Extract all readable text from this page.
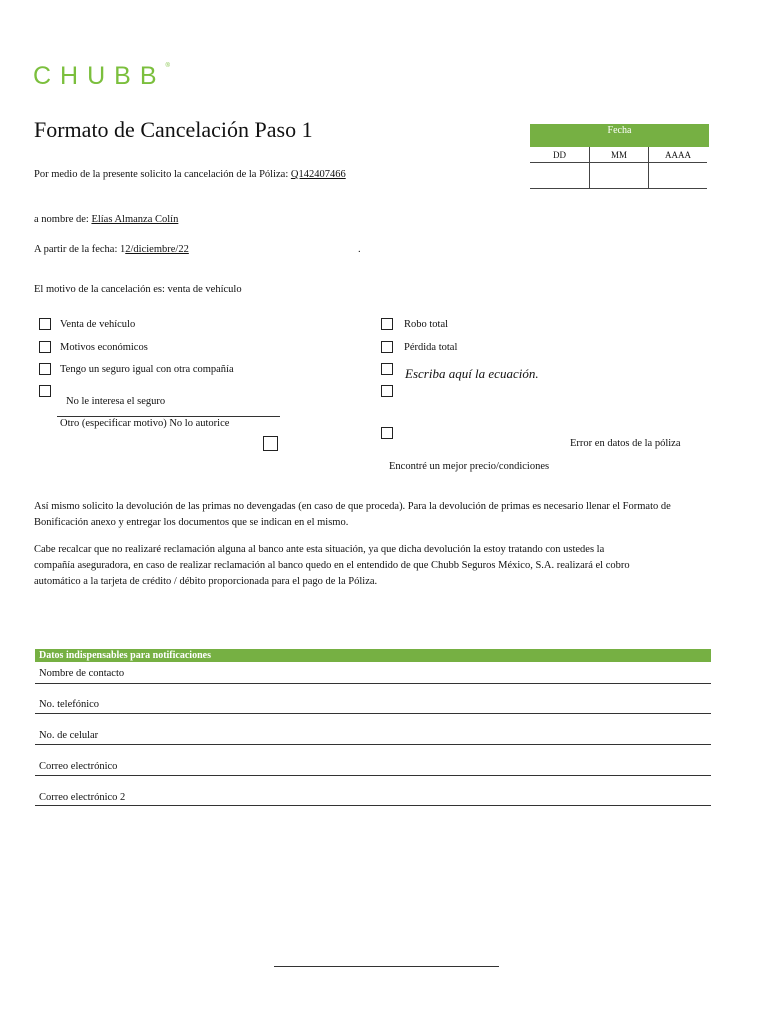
CHUBB®
Formato de Cancelación Paso 1	Fecha
DD	MM	AAAA
Por medio de la presente solicito la cancelación de la Póliza: Q142407466
a nombre de: Elías Almanza Colín
A partir de la fecha: 12/diciembre/22	.
El motivo de la cancelación es: venta de vehículo
Venta de vehículo
Motivos económicos
Tengo un seguro igual con otra compañía
No le interesa el seguro
Otro (especificar motivo) No lo autorice
Robo total
Pérdida total
Escriba aquí la ecuación.
Error en datos de la póliza
Encontré un mejor precio/condiciones
Así mismo solicito la devolución de las primas no devengadas (en caso de que proceda). Para la devolución de primas es necesario llenar el Formato de
Bonificación anexo y entregar los documentos que se indican en el mismo.
Cabe recalcar que no realizaré reclamación alguna al banco ante esta situación, ya que dicha devolución la estoy tratando con ustedes la
compañía aseguradora, en caso de realizar reclamación al banco quedo en el entendido de que Chubb Seguros México, S.A. realizará el cobro
automático a la tarjeta de crédito / débito proporcionada para el pago de la Póliza.
Datos indispensables para notificaciones
Nombre de contacto
No. telefónico
No. de celular
Correo electrónico
Correo electrónico 2
